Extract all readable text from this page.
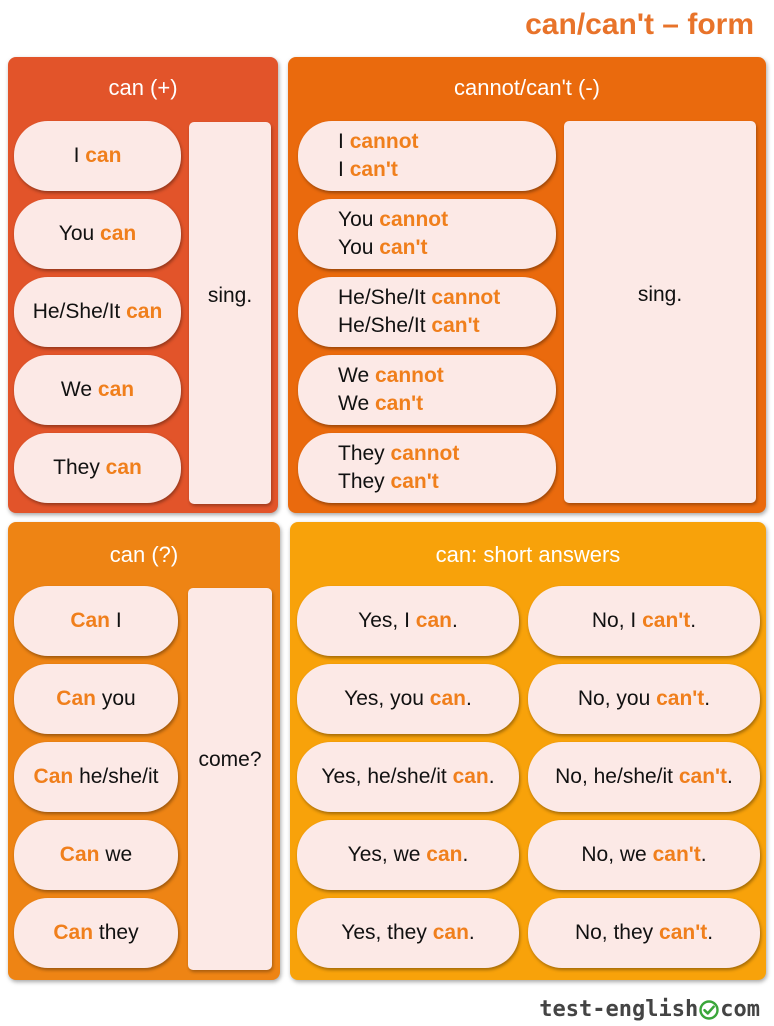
can/can't – form
can (+)
sing.
cannot/can't (-)
sing.
can (?)
come?
can: short answers
I can
You can
He/She/It can
We can
They can
I cannot
I can't
You cannot
You can't
He/She/It cannot
He/She/It can't
We cannot
We can't
They cannot
They can't
Can I
Can you
Can he/she/it
Can we
Can they
Yes, I can.
Yes, you can.
Yes, he/she/it can.
Yes, we can.
Yes, they can.
No, I can't.
No, you can't.
No, he/she/it can't.
No, we can't.
No, they can't.
test-english com
